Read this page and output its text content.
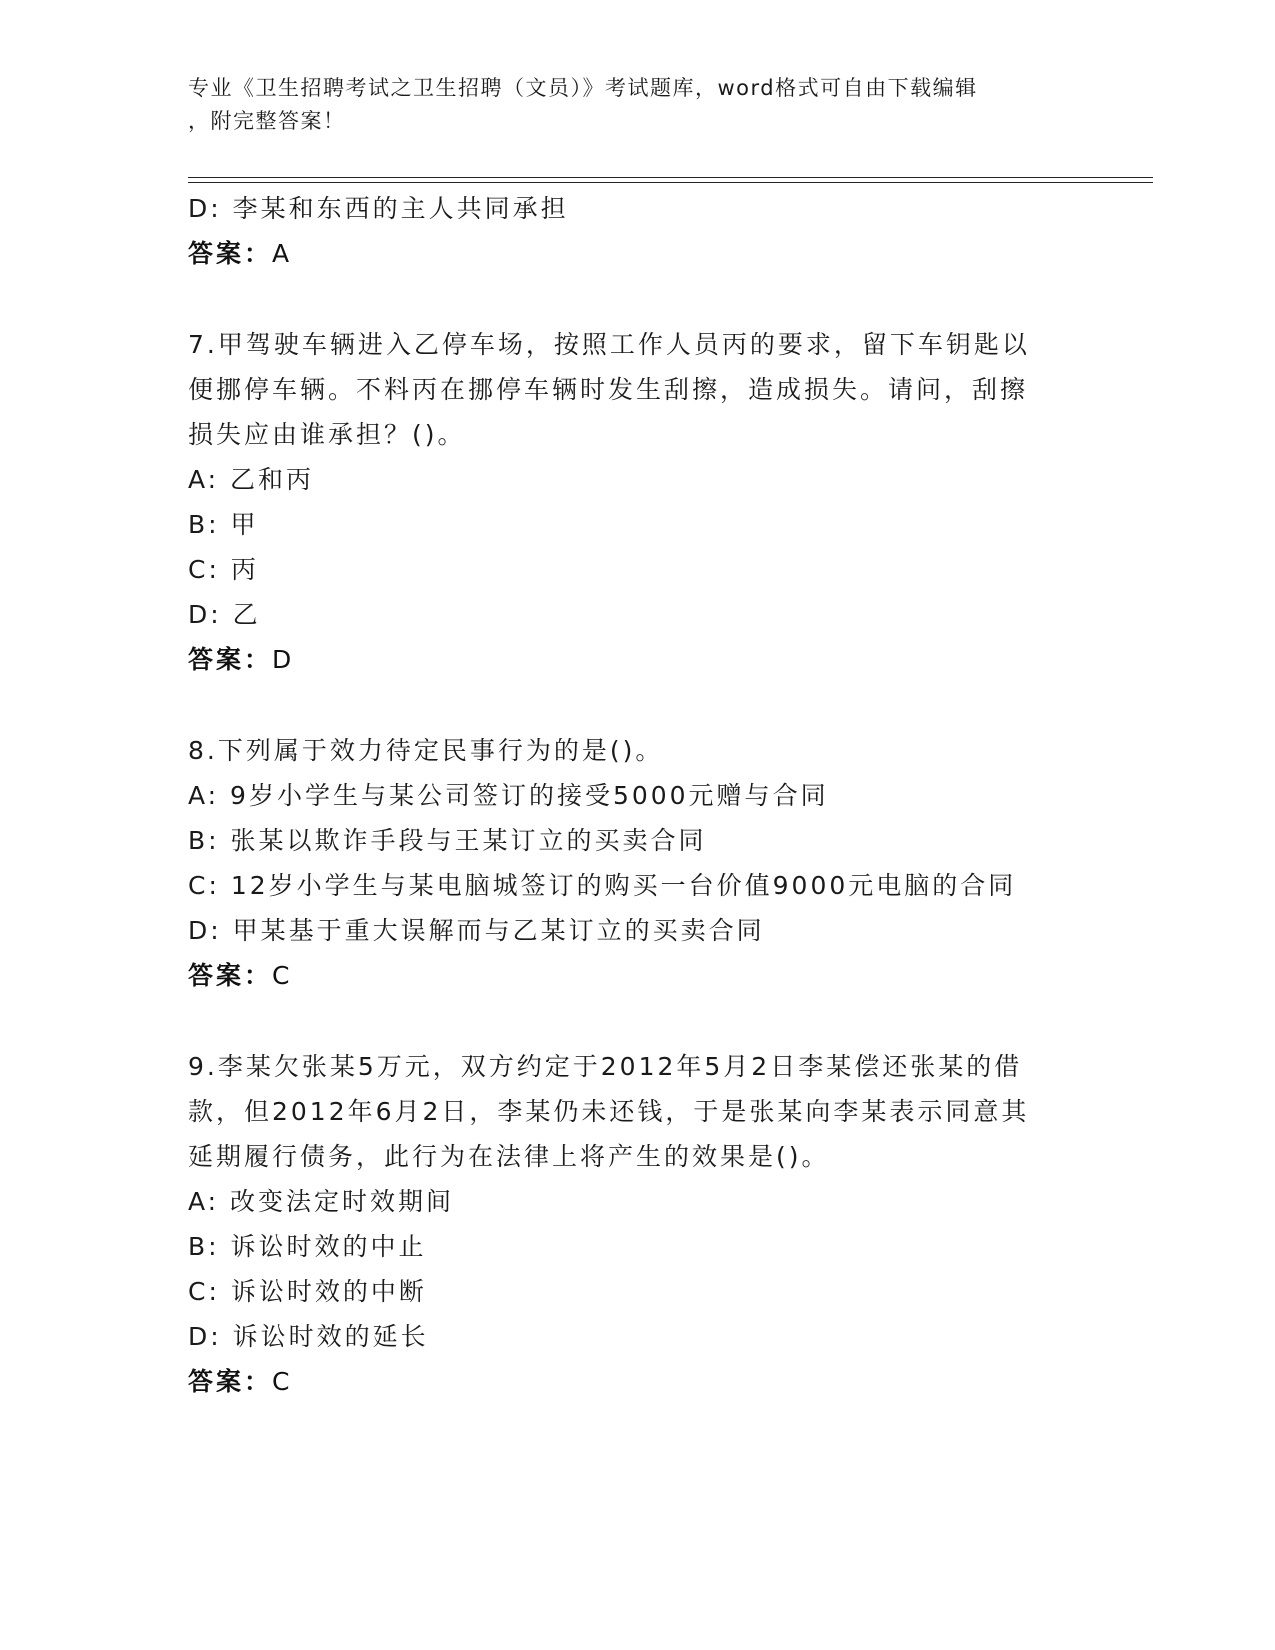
专业《卫生招聘考试之卫生招聘（文员）》考试题库，word格式可自由下载编辑
，附完整答案！
D: 李某和东西的主人共同承担
答案：A
7.甲驾驶车辆进入乙停车场，按照工作人员丙的要求，留下车钥匙以
便挪停车辆。不料丙在挪停车辆时发生刮擦，造成损失。请问，刮擦
损失应由谁承担？()。
A: 乙和丙
B: 甲
C: 丙
D: 乙
答案：D
8.下列属于效力待定民事行为的是()。
A: 9岁小学生与某公司签订的接受5000元赠与合同
B: 张某以欺诈手段与王某订立的买卖合同
C: 12岁小学生与某电脑城签订的购买一台价值9000元电脑的合同
D: 甲某基于重大误解而与乙某订立的买卖合同
答案：C
9.李某欠张某5万元，双方约定于2012年5月2日李某偿还张某的借
款，但2012年6月2日，李某仍未还钱，于是张某向李某表示同意其
延期履行债务，此行为在法律上将产生的效果是()。
A: 改变法定时效期间
B: 诉讼时效的中止
C: 诉讼时效的中断
D: 诉讼时效的延长
答案：C
